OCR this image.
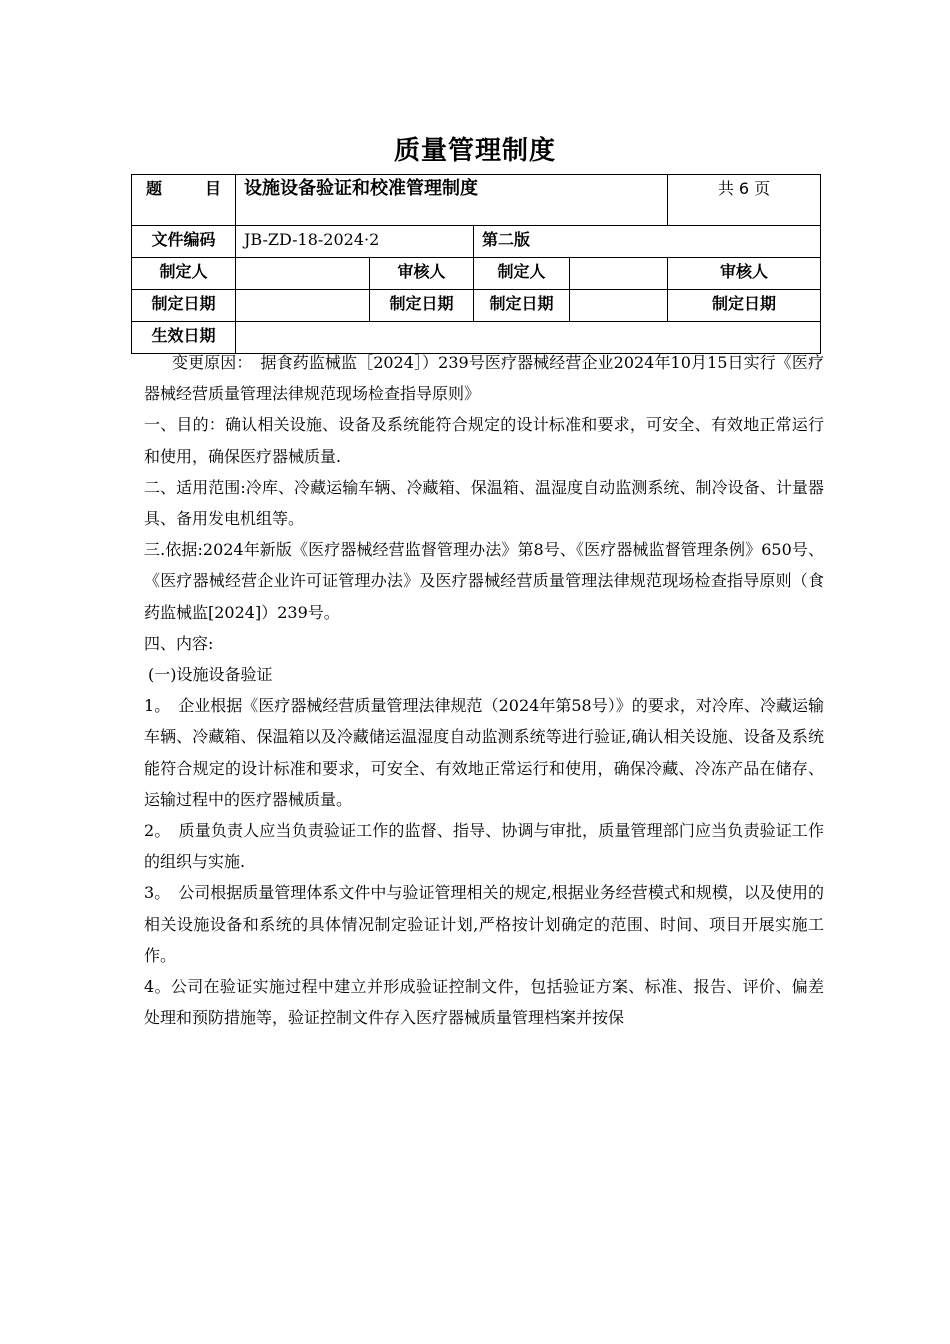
质量管理制度
题　　目	设施设备验证和校准管理制度				共 6 页
文件编码	JB-ZD-18-2024·2		第二版		
制定人		审核人	制定人		审核人
制定日期		制定日期	制定日期		制定日期
生效日期					

变更原因：　据食药监械监［2024］）239号医疗器械经营企业2024年10月15日实行《医疗器械经营质量管理法律规范现场检查指导原则》

一、目的：确认相关设施、设备及系统能符合规定的设计标准和要求，可安全、有效地正常运行和使用，确保医疗器械质量.

二、适用范围:冷库、冷藏运输车辆、冷藏箱、保温箱、温湿度自动监测系统、制冷设备、计量器具、备用发电机组等。

三.依据:2024年新版《医疗器械经营监督管理办法》第8号、《医疗器械监督管理条例》650号、《医疗器械经营企业许可证管理办法》及医疗器械经营质量管理法律规范现场检查指导原则（食药监械监[2024]）239号。

四、内容:

(一)设施设备验证

1。　企业根据《医疗器械经营质量管理法律规范（2024年第58号）》的要求，对冷库、冷藏运输车辆、冷藏箱、保温箱以及冷藏储运温湿度自动监测系统等进行验证,确认相关设施、设备及系统能符合规定的设计标准和要求，可安全、有效地正常运行和使用，确保冷藏、冷冻产品在储存、运输过程中的医疗器械质量。

2。　质量负责人应当负责验证工作的监督、指导、协调与审批，质量管理部门应当负责验证工作的组织与实施.

3。　公司根据质量管理体系文件中与验证管理相关的规定,根据业务经营模式和规模，以及使用的相关设施设备和系统的具体情况制定验证计划,严格按计划确定的范围、时间、项目开展实施工作。

4。公司在验证实施过程中建立并形成验证控制文件，包括验证方案、标准、报告、评价、偏差处理和预防措施等，验证控制文件存入医疗器械质量管理档案并按保
